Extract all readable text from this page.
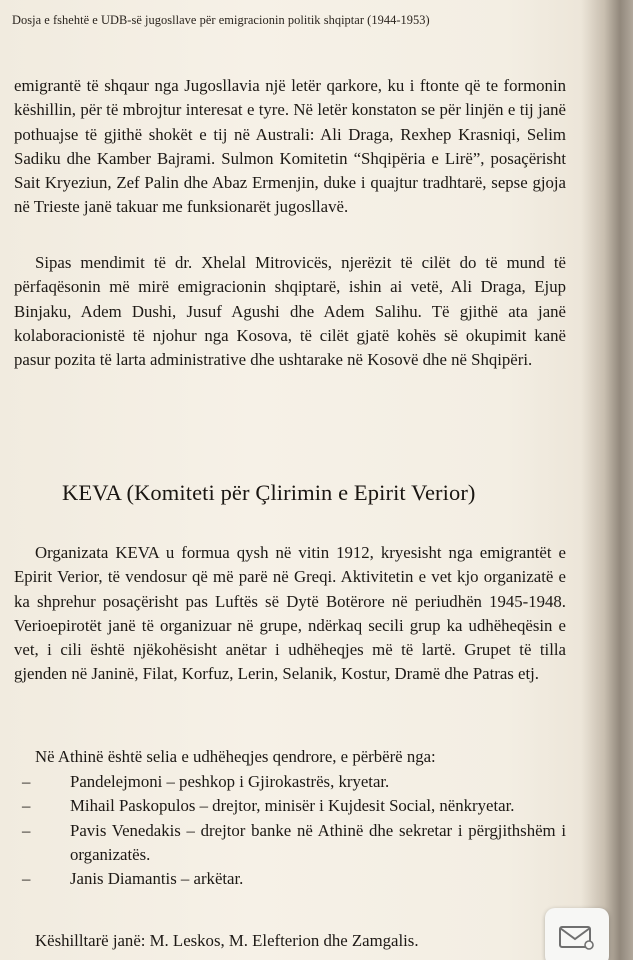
Dosja e fshehtë e UDB-së jugosllave për emigracionin politik shqiptar (1944-1953)

emigrantë të shqaur nga Jugosllavia një letër qarkore, ku i ftonte që te formonin këshillin, për të mbrojtur interesat e tyre. Në letër konstaton se për linjën e tij janë pothuajse të gjithë shokët e tij në Australi: Ali Draga, Rexhep Krasniqi, Selim Sadiku dhe Kamber Bajrami. Sulmon Komitetin “Shqipëria e Lirë”, posaçërisht Sait Kryeziun, Zef Palin dhe Abaz Ermenjin, duke i quajtur tradhtarë, sepse gjoja në Trieste janë takuar me funksionarët jugosllavë.

Sipas mendimit të dr. Xhelal Mitrovicës, njerëzit të cilët do të mund të përfaqësonin më mirë emigracionin shqiptarë, ishin ai vetë, Ali Draga, Ejup Binjaku, Adem Dushi, Jusuf Agushi dhe Adem Salihu. Të gjithë ata janë kolaboracionistë të njohur nga Kosova, të cilët gjatë kohës së okupimit kanë pasur pozita të larta administrative dhe ushtarake në Kosovë dhe në Shqipëri.

KEVA (Komiteti për Çlirimin e Epirit Verior)

Organizata KEVA u formua qysh në vitin 1912, kryesisht nga emigrantët e Epirit Verior, të vendosur që më parë në Greqi. Aktivitetin e vet kjo organizatë e ka shprehur posaçërisht pas Luftës së Dytë Botërore në periudhën 1945-1948. Verioepirotët janë të organizuar në grupe, ndërkaq secili grup ka udhëheqësin e vet, i cili është njëkohësisht anëtar i udhëheqjes më të lartë. Grupet të tilla gjenden në Janinë, Filat, Korfuz, Lerin, Selanik, Kostur, Dramë dhe Patras etj.

Në Athinë është selia e udhëheqjes qendrore, e përbërë nga:

– Pandelejmoni – peshkop i Gjirokastrës, kryetar.
– Mihail Paskopulos – drejtor, minisër i Kujdesit Social, nënkryetar.
– Pavis Venedakis – drejtor banke në Athinë dhe sekretar i përgjithshëm i organizatës.
– Janis Diamantis – arkëtar.

Këshilltarë janë: M. Leskos, M. Elefterion dhe Zamgalis.
